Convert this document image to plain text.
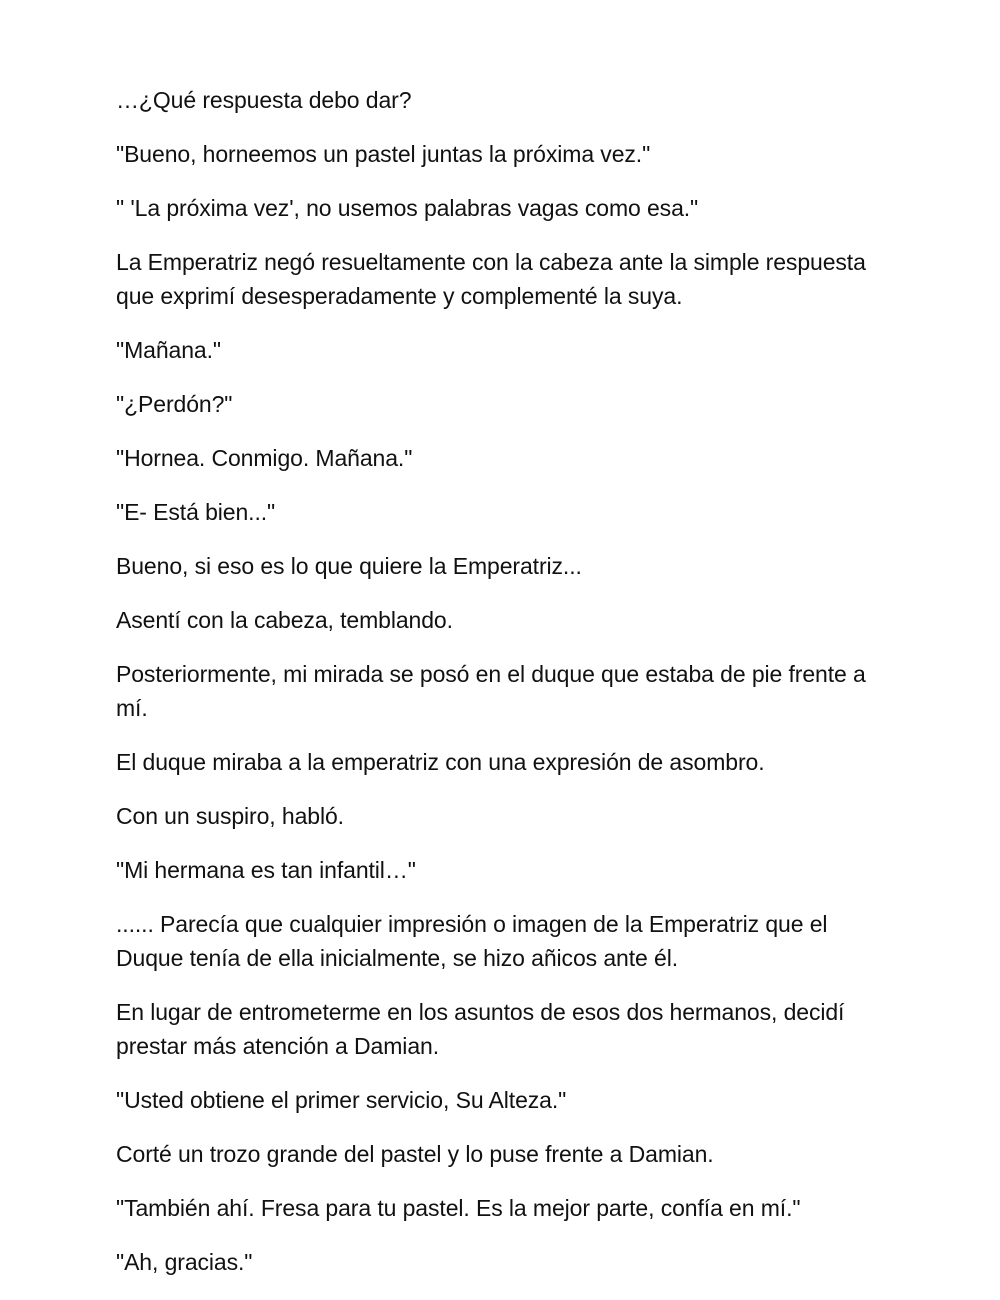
…¿Qué respuesta debo dar?

"Bueno, horneemos un pastel juntas la próxima vez."

" 'La próxima vez', no usemos palabras vagas como esa."

La Emperatriz negó resueltamente con la cabeza ante la simple respuesta que exprimí desesperadamente y complementé la suya.

"Mañana."

"¿Perdón?"

"Hornea. Conmigo. Mañana."

"E- Está bien..."

Bueno, si eso es lo que quiere la Emperatriz...

Asentí con la cabeza, temblando.

Posteriormente, mi mirada se posó en el duque que estaba de pie frente a mí.

El duque miraba a la emperatriz con una expresión de asombro.

Con un suspiro, habló.

"Mi hermana es tan infantil…"

...... Parecía que cualquier impresión o imagen de la Emperatriz que el Duque tenía de ella inicialmente, se hizo añicos ante él.

En lugar de entrometerme en los asuntos de esos dos hermanos, decidí prestar más atención a Damian.

"Usted obtiene el primer servicio, Su Alteza."

Corté un trozo grande del pastel y lo puse frente a Damian.

"También ahí. Fresa para tu pastel. Es la mejor parte, confía en mí."

"Ah, gracias."
